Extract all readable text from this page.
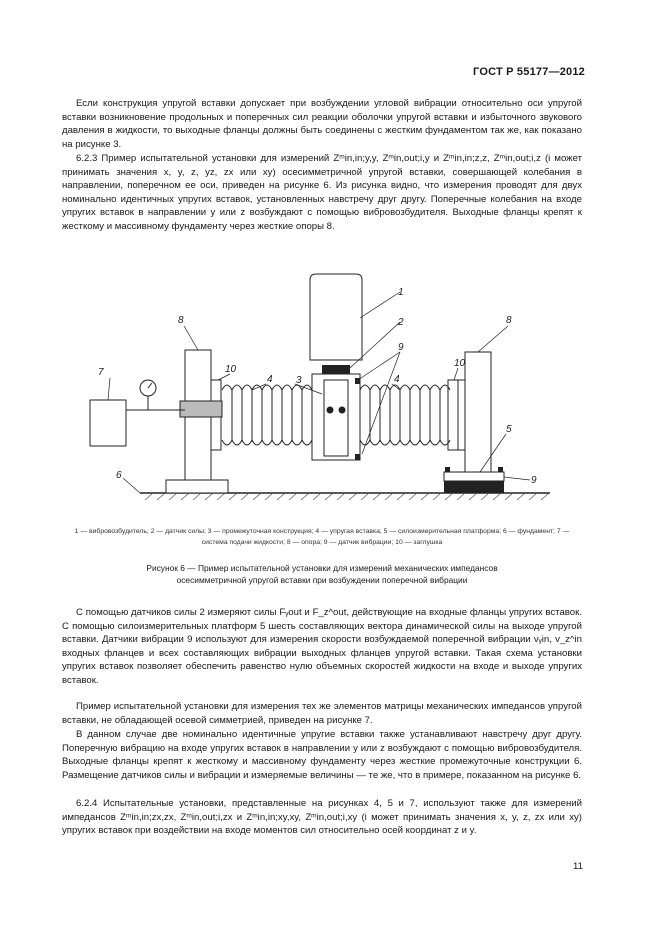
ГОСТ Р 55177—2012

Если конструкция упругой вставки допускает при возбуждении угловой вибрации относительно оси упругой вставки возникновение продольных и поперечных сил реакции оболочки упругой вставки и избыточного звукового давления в жидкости, то выходные фланцы должны быть соединены с жестким фундаментом так же, как показано на рисунке 3.

6.2.3 Пример испытательной установки для измерений Zᵐin,in;y,y, Zᵐin,out;i,y и Zᵐin,in;z,z, Zᵐin,out;i,z (i может принимать значения x, y, z, yz, zx или xy) осесимметричной упругой вставки, совершающей колебания в направлении, поперечном ее оси, приведен на рисунке 6. Из рисунка видно, что измерения проводят для двух номинально идентичных упругих вставок, установленных навстречу друг другу. Поперечные колебания на входе упругих вставок в направлении y или z возбуждают с помощью вибровозбудителя. Выходные фланцы крепят к жесткому и массивному фундаменту через жесткие опоры 8.

1
2
3
4	4
5
6
7
8	8
9
9
10
10
1 — вибровозбудитель; 2 — датчик силы; 3 — промежуточная конструкция; 4 — упругая вставка; 5 — силоизмерительная платформа; 6 — фундамент; 7 — система подачи жидкости; 8 — опора; 9 — датчик вибрации; 10 — заглушка
Рисунок 6 — Пример испытательной установки для измерений механических импедансов
осесимметричной упругой вставки при возбуждении поперечной вибрации

С помощью датчиков силы 2 измеряют силы Fᵧout и F_z^out, действующие на входные фланцы упругих вставок. С помощью силоизмерительных платформ 5 шесть составляющих вектора динамической силы на выходе упругой вставки. Датчики вибрации 9 используют для измерения скорости возбуждаемой поперечной вибрации vᵧin, v_z^in входных фланцев и всех составляющих вибрации выходных фланцев упругой вставки. Такая схема установки упругих вставок позволяет обеспечить равенство нулю объемных скоростей жидкости на входе и выходе упругих вставок.

Пример испытательной установки для измерения тех же элементов матрицы механических импедансов упругой вставки, не обладающей осевой симметрией, приведен на рисунке 7.

В данном случае две номинально идентичные упругие вставки также устанавливают навстречу друг другу. Поперечную вибрацию на входе упругих вставок в направлении y или z возбуждают с помощью вибровозбудителя. Выходные фланцы крепят к жесткому и массивному фундаменту через жесткие промежуточные конструкции 6. Размещение датчиков силы и вибрации и измеряемые величины — те же, что в примере, показанном на рисунке 6.

6.2.4 Испытательные установки, представленные на рисунках 4, 5 и 7, используют также для измерений импедансов Zᵐin,in;zx,zx, Zᵐin,out;i,zx и Zᵐin,in;xy,xy, Zᵐin,out;i,xy (i может принимать значения x, y, z, zx или xy) упругих вставок при воздействии на входе моментов сил относительно осей координат z и y.

11
